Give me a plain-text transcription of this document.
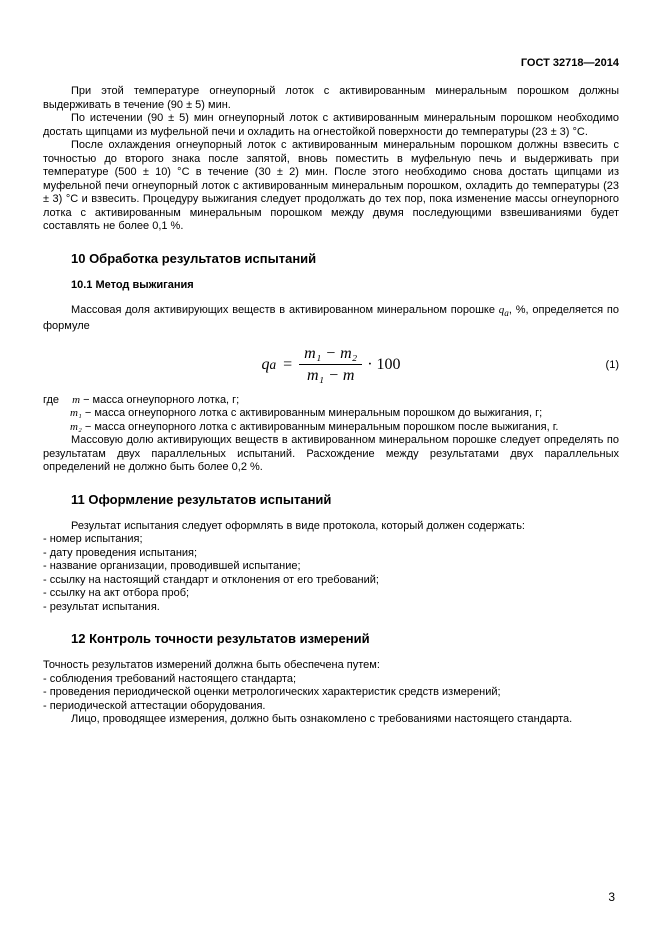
ГОСТ 32718—2014

При этой температуре огнеупорный лоток с активированным минеральным порошком должны выдерживать в течение (90 ± 5) мин.

По истечении (90 ± 5) мин огнеупорный лоток с активированным минеральным порошком необходимо достать щипцами из муфельной печи и охладить на огнестойкой поверхности до температуры (23 ± 3) °С.

После охлаждения огнеупорный лоток с активированным минеральным порошком должны взвесить с точностью до второго знака после запятой, вновь поместить в муфельную печь и выдерживать при температуре (500 ± 10) °С в течение (30 ± 2) мин. После этого необходимо снова достать щипцами из муфельной печи огнеупорный лоток с активированным минеральным порошком, охладить до температуры (23 ± 3) °С и взвесить. Процедуру выжигания следует продолжать до тех пор, пока изменение массы огнеупорного лотка с активированным минеральным порошком между двумя последующими взвешиваниями будет составлять не более 0,1 %.

10 Обработка результатов испытаний
10.1 Метод выжигания

Массовая доля активирующих веществ в активированном минеральном порошке $q_a$, %, определяется по формуле

q $a = \frac{\text{m₁ − m₂}}{\text{m₁ − m}} \cdot 100$	(1)

где m − масса огнеупорного лотка, г;

m₁ − масса огнеупорного лотка с активированным минеральным порошком до выжигания, г;

m₂ − масса огнеупорного лотка с активированным минеральным порошком после выжигания, г.

Массовую долю активирующих веществ в активированном минеральном порошке следует определять по результатам двух параллельных испытаний. Расхождение между результатами двух параллельных определений не должно быть более 0,2 %.

11 Оформление результатов испытаний

Результат испытания следует оформлять в виде протокола, который должен содержать:

- номер испытания;

- дату проведения испытания;

- название организации, проводившей испытание;

- ссылку на настоящий стандарт и отклонения от его требований;

- ссылку на акт отбора проб;

- результат испытания.

12 Контроль точности результатов измерений

Точность результатов измерений должна быть обеспечена путем:

- соблюдения требований настоящего стандарта;

- проведения периодической оценки метрологических характеристик средств измерений;

- периодической аттестации оборудования.

Лицо, проводящее измерения, должно быть ознакомлено с требованиями настоящего стандарта.

3
